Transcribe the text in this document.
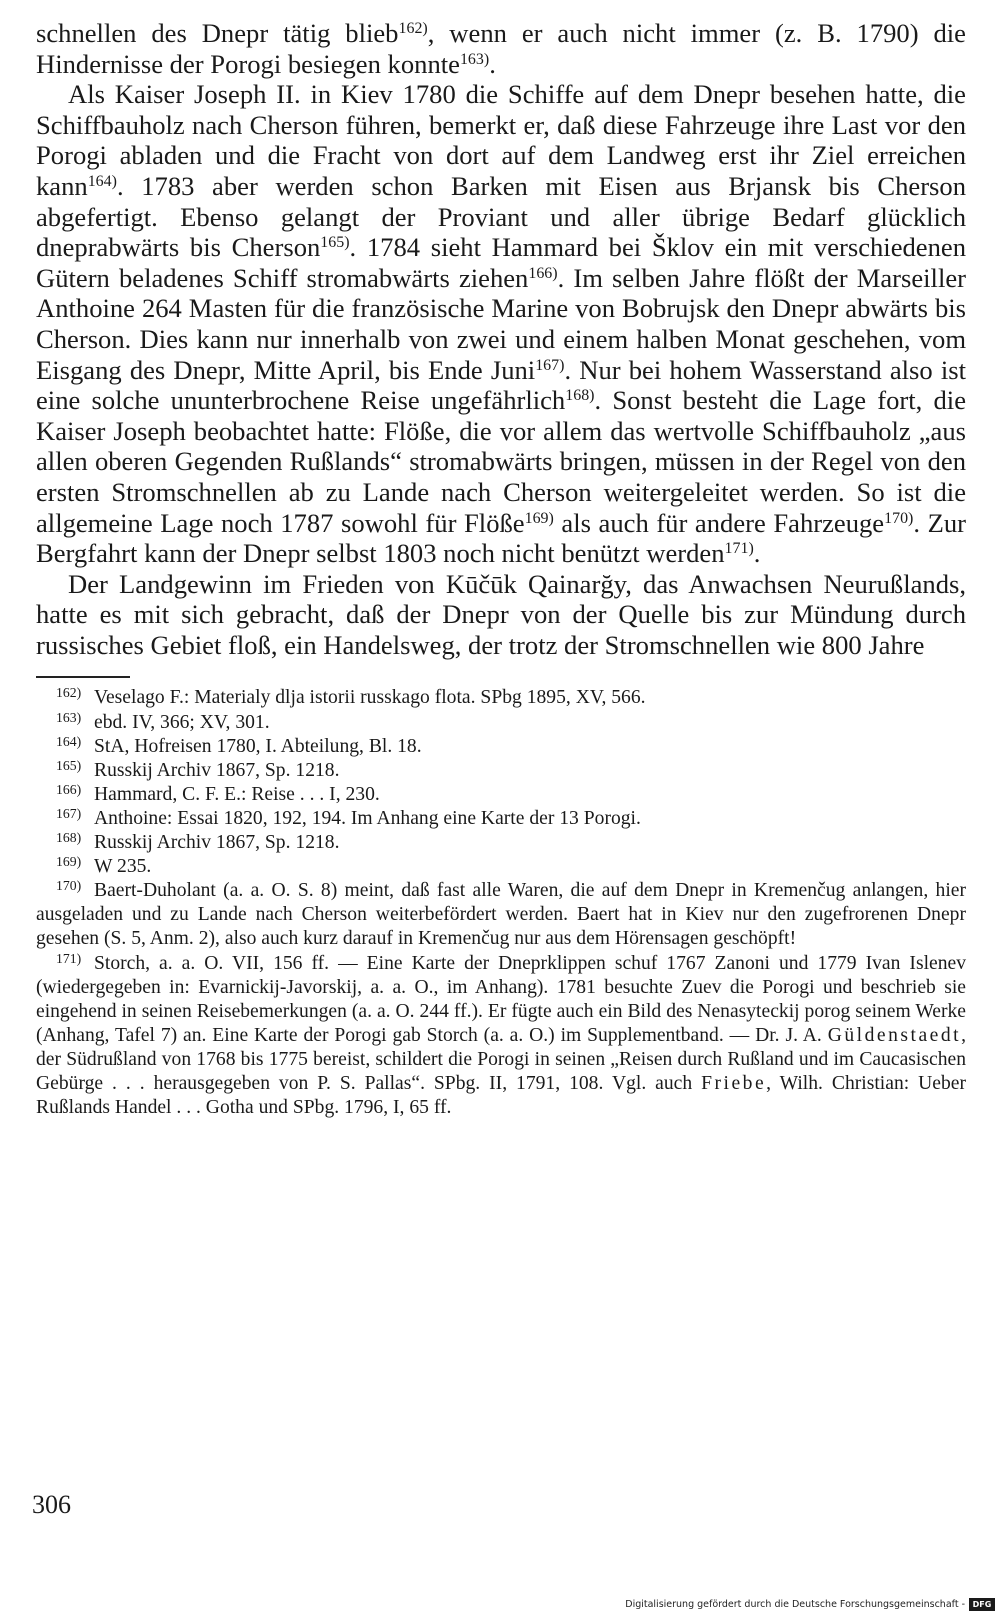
schnellen des Dnepr tätig blieb$^{162)}$, wenn er auch nicht immer (z. B. 1790) die Hindernisse der Porogi besiegen konnte$^{163)}$.

Als Kaiser Joseph II. in Kiev 1780 die Schiffe auf dem Dnepr besehen hatte, die Schiffbauholz nach Cherson führen, bemerkt er, daß diese Fahrzeuge ihre Last vor den Porogi abladen und die Fracht von dort auf dem Landweg erst ihr Ziel erreichen kann$^{164)}$. 1783 aber werden schon Barken mit Eisen aus Brjansk bis Cherson abgefertigt. Ebenso gelangt der Proviant und aller übrige Bedarf glücklich dneprabwärts bis Cherson$^{165)}$. 1784 sieht Hammard bei Šklov ein mit verschiedenen Gütern beladenes Schiff stromabwärts ziehen$^{166)}$. Im selben Jahre flößt der Marseiller Anthoine 264 Masten für die französische Marine von Bobrujsk den Dnepr abwärts bis Cherson. Dies kann nur innerhalb von zwei und einem halben Monat geschehen, vom Eisgang des Dnepr, Mitte April, bis Ende Juni$^{167)}$. Nur bei hohem Wasserstand also ist eine solche ununterbrochene Reise ungefährlich$^{168)}$. Sonst besteht die Lage fort, die Kaiser Joseph beobachtet hatte: Flöße, die vor allem das wertvolle Schiffbauholz „aus allen oberen Gegenden Rußlands“ stromabwärts bringen, müssen in der Regel von den ersten Stromschnellen ab zu Lande nach Cherson weitergeleitet werden. So ist die allgemeine Lage noch 1787 sowohl für Flöße$^{169)}$ als auch für andere Fahrzeuge$^{170)}$. Zur Bergfahrt kann der Dnepr selbst 1803 noch nicht benützt werden$^{171)}$.

Der Landgewinn im Frieden von Kūčūk Qainarğy, das Anwachsen Neurußlands, hatte es mit sich gebracht, daß der Dnepr von der Quelle bis zur Mündung durch russisches Gebiet floß, ein Handelsweg, der trotz der Stromschnellen wie 800 Jahre

$^{162)}$ Veselago F.: Materialy dlja istorii russkago flota. SPbg 1895, XV, 566.

$^{163)}$ ebd. IV, 366; XV, 301.

$^{164)}$ StA, Hofreisen 1780, I. Abteilung, Bl. 18.

$^{165)}$ Russkij Archiv 1867, Sp. 1218.

$^{166)}$ Hammard, C. F. E.: Reise . . . I, 230.

$^{167)}$ Anthoine: Essai 1820, 192, 194. Im Anhang eine Karte der 13 Porogi.

$^{168)}$ Russkij Archiv 1867, Sp. 1218.

$^{169)}$ W 235.

$^{170)}$ Baert-Duholant (a. a. O. S. 8) meint, daß fast alle Waren, die auf dem Dnepr in Kremenčug anlangen, hier ausgeladen und zu Lande nach Cherson weiterbefördert werden. Baert hat in Kiev nur den zugefrorenen Dnepr gesehen (S. 5, Anm. 2), also auch kurz darauf in Kremenčug nur aus dem Hörensagen geschöpft!

$^{171)}$ Storch, a. a. O. VII, 156 ff. — Eine Karte der Dneprklippen schuf 1767 Zanoni und 1779 Ivan Islenev (wiedergegeben in: Evarnickij-Javorskij, a. a. O., im Anhang). 1781 besuchte Zuev die Porogi und beschrieb sie eingehend in seinen Reisebemerkungen (a. a. O. 244 ff.). Er fügte auch ein Bild des Nenasyteckij porog seinem Werke (Anhang, Tafel 7) an. Eine Karte der Porogi gab Storch (a. a. O.) im Supplementband. — Dr. J. A. Güldenstaedt, der Südrußland von 1768 bis 1775 bereist, schildert die Porogi in seinen „Reisen durch Rußland und im Caucasischen Gebürge . . . herausgegeben von P. S. Pallas“. SPbg. II, 1791, 108. Vgl. auch Friebe, Wilh. Christian: Ueber Rußlands Handel . . . Gotha und SPbg. 1796, I, 65 ff.

306
Digitalisierung gefördert durch die Deutsche Forschungsgemeinschaft - DFG
